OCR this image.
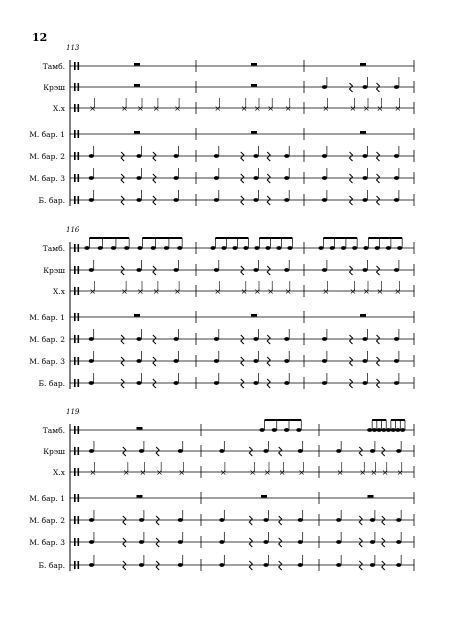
12
113
Тамб.
Крэш
Х.х
М. бар. 1
М. бар. 2
М. бар. 3
Б. бар.
116
Тамб.
Крэш
Х.х
М. бар. 1
М. бар. 2
М. бар. 3
Б. бар.
119
Тамб.
Крэш
Х.х
М. бар. 1
М. бар. 2
М. бар. 3
Б. бар.
×	× × × ×	× × × × ×	×	× × × ×
×	× × × ×	× × × × ×	×	× × × ×
×	× × × ×	×	× × × ×	× × × × ×
